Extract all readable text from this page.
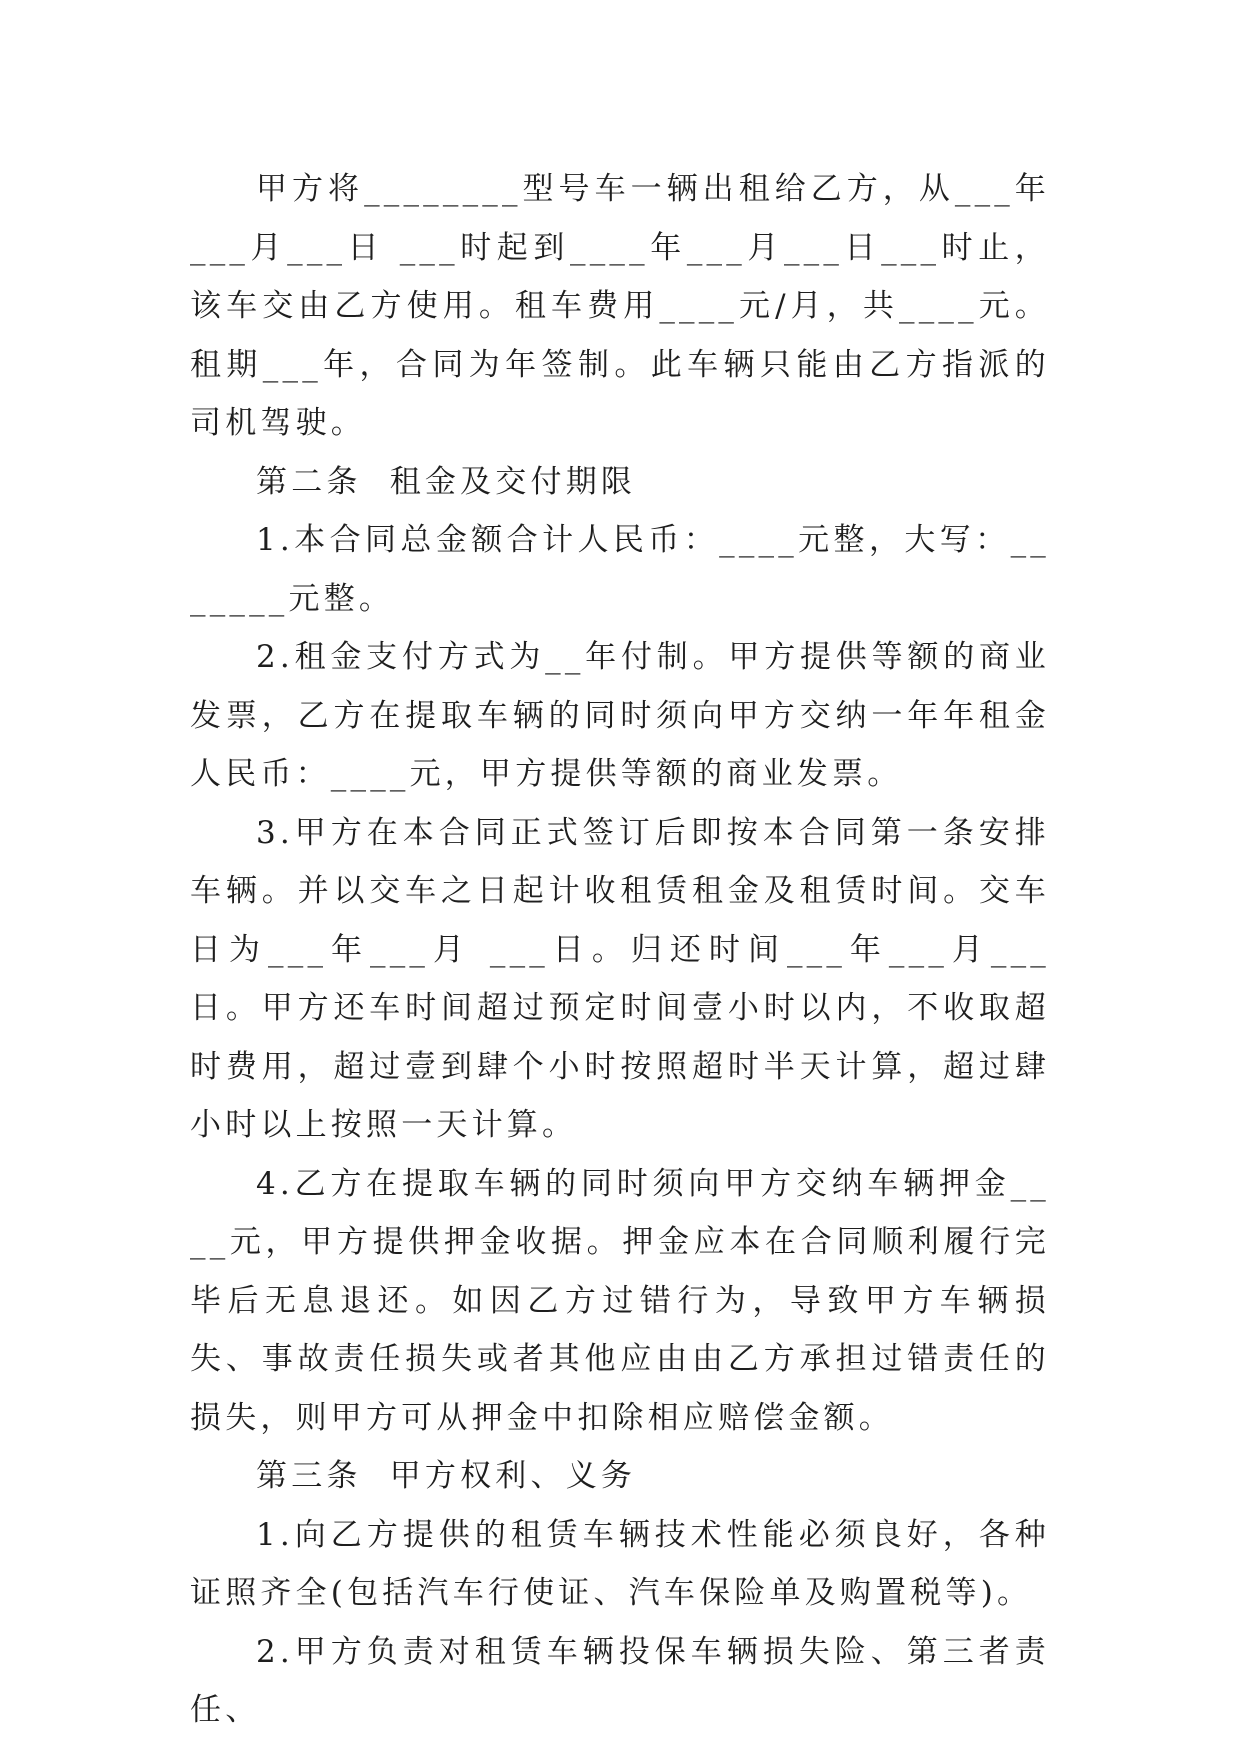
甲方将________型号车一辆出租给乙方，从___年___月___日 ___时起到____年___月___日___时止，该车交由乙方使用。租车费用____元/月，共____元。租期___年，合同为年签制。此车辆只能由乙方指派的司机驾驶。

第二条  租金及交付期限

1.本合同总金额合计人民币：____元整，大写：_______元整。

2.租金支付方式为__年付制。甲方提供等额的商业发票，乙方在提取车辆的同时须向甲方交纳一年年租金人民币：____元，甲方提供等额的商业发票。

3.甲方在本合同正式签订后即按本合同第一条安排车辆。并以交车之日起计收租赁租金及租赁时间。交车日为___年___月 ___日。归还时间___年___月___日。甲方还车时间超过预定时间壹小时以内，不收取超时费用，超过壹到肆个小时按照超时半天计算，超过肆小时以上按照一天计算。

4.乙方在提取车辆的同时须向甲方交纳车辆押金____元，甲方提供押金收据。押金应本在合同顺利履行完毕后无息退还。如因乙方过错行为，导致甲方车辆损失、事故责任损失或者其他应由由乙方承担过错责任的损失，则甲方可从押金中扣除相应赔偿金额。

第三条  甲方权利、义务

1.向乙方提供的租赁车辆技术性能必须良好，各种证照齐全(包括汽车行使证、汽车保险单及购置税等)。

2.甲方负责对租赁车辆投保车辆损失险、第三者责任、
